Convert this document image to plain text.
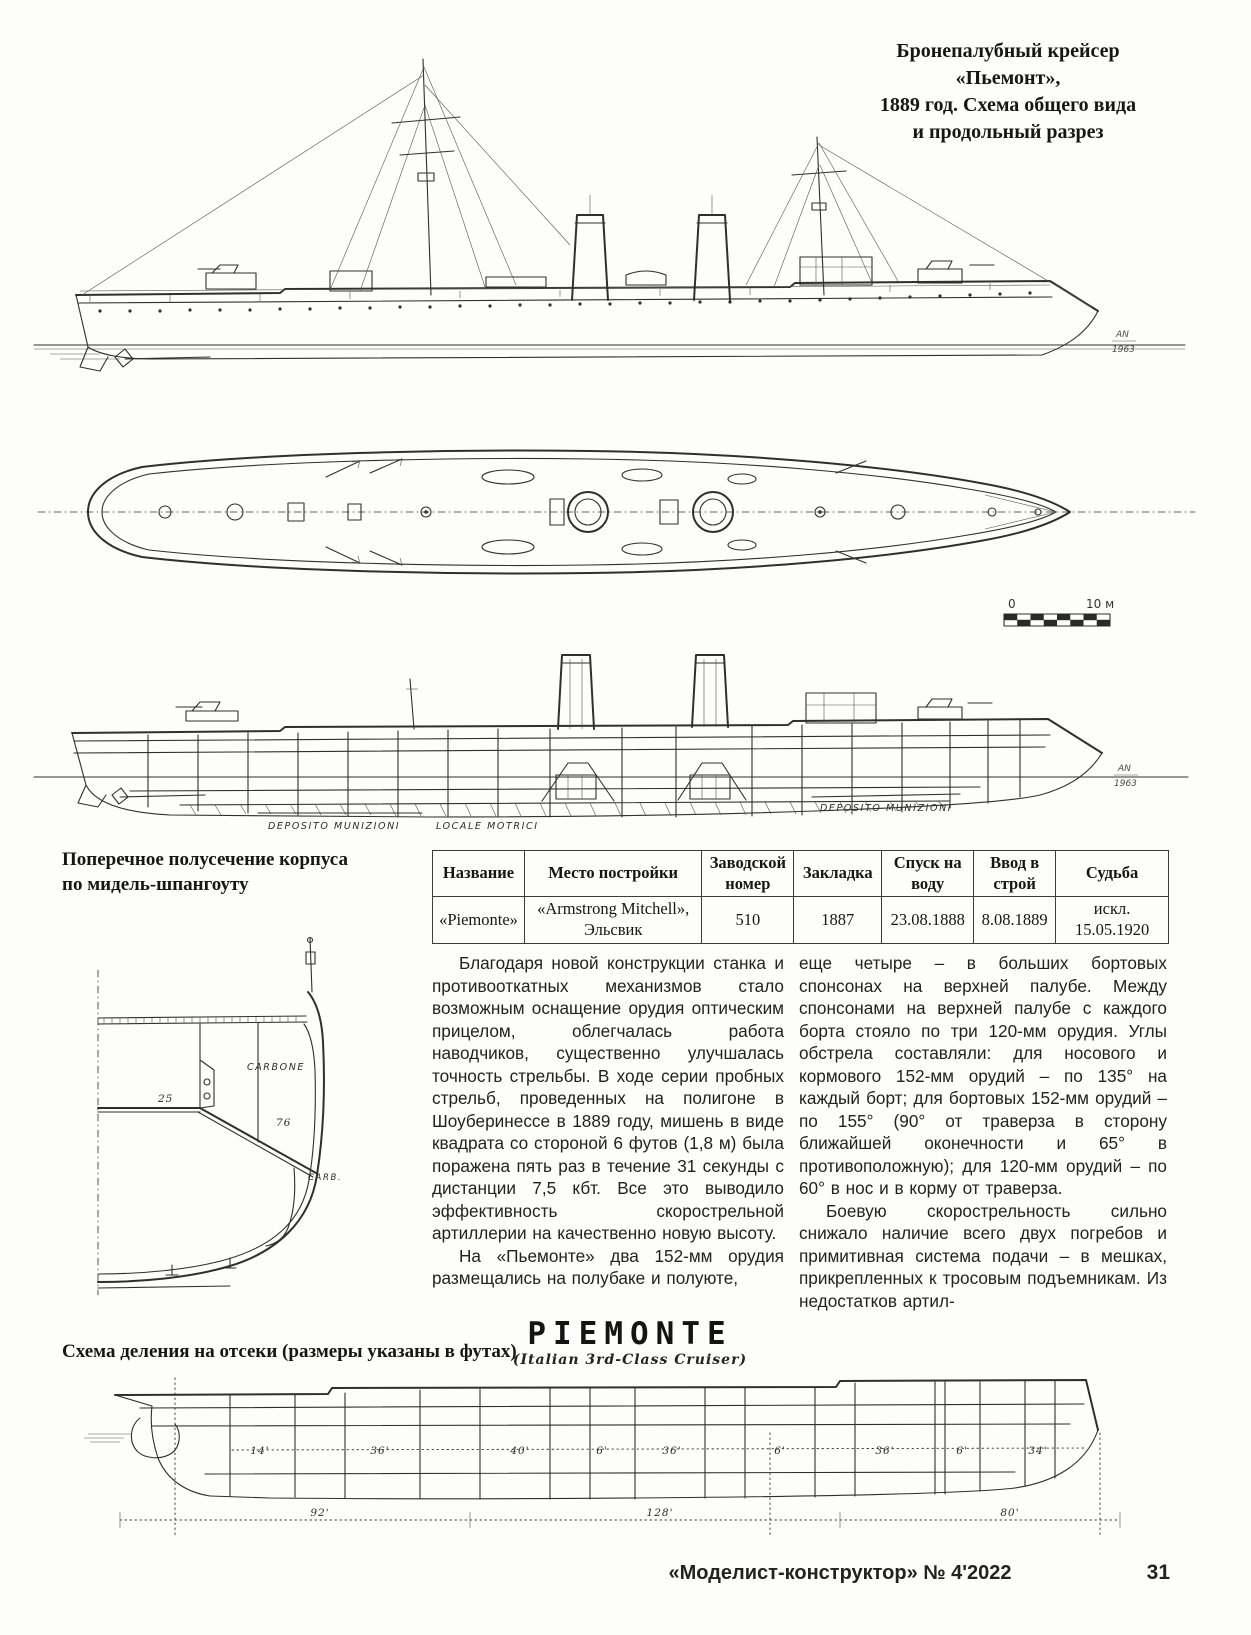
Бронепалубный крейсер «Пьемонт»,
1889 год. Схема общего вида
и продольный разрез
AN
1963
0	10 м
DEPOSITO MUNIZIONI	LOCALE MOTRICI
DEPOSITO MUNIZIONI
AN
1963
Поперечное полусечение корпуса
по мидель-шпангоуту
Название	Место постройки	Заводской номер	Закладка	Спуск на воду	Ввод в строй	Судьба
«Piemonte»	«Armstrong Mitchell», Эльсвик	510	1887	23.08.1888	8.08.1889	искл. 15.05.1920
CARBONE
25
76
CARB.

Благодаря новой конструкции станка и противооткатных механизмов стало возможным оснащение орудия оптическим прицелом, облегчалась работа наводчиков, существенно улучшалась точность стрельбы. В ходе серии пробных стрельб, проведенных на полигоне в Шоуберинессе в 1889 году, мишень в виде квадрата со стороной 6 футов (1,8 м) была поражена пять раз в течение 31 секунды с дистанции 7,5 кбт. Все это выводило эффективность скорострельной артиллерии на качественно новую высоту.

На «Пьемонте» два 152-мм орудия размещались на полубаке и полуюте,

еще четыре – в больших бортовых спонсонах на верхней палубе. Между спонсонами на верхней палубе с каждого борта стояло по три 120-мм орудия. Углы обстрела составляли: для носового и кормового 152-мм орудий – по 135° на каждый борт; для бортовых 152-мм орудий – по 155° (90° от траверза в сторону ближайшей оконечности и 65° в противоположную); для 120-мм орудий – по 60° в нос и в корму от траверза.

Боевую скорострельность сильно снижало наличие всего двух погребов и примитивная система подачи – в мешках, прикрепленных к тросовым подъемникам. Из недостатков артил-

Схема деления на отсеки (размеры указаны в футах) PIEMONTE
(Italian 3rd-Class Cruiser)
14'	36'	40'	6'	36'	6'	36'	6'	34'
92'	128'	80'
«Моделист-конструктор» № 4'2022	31
